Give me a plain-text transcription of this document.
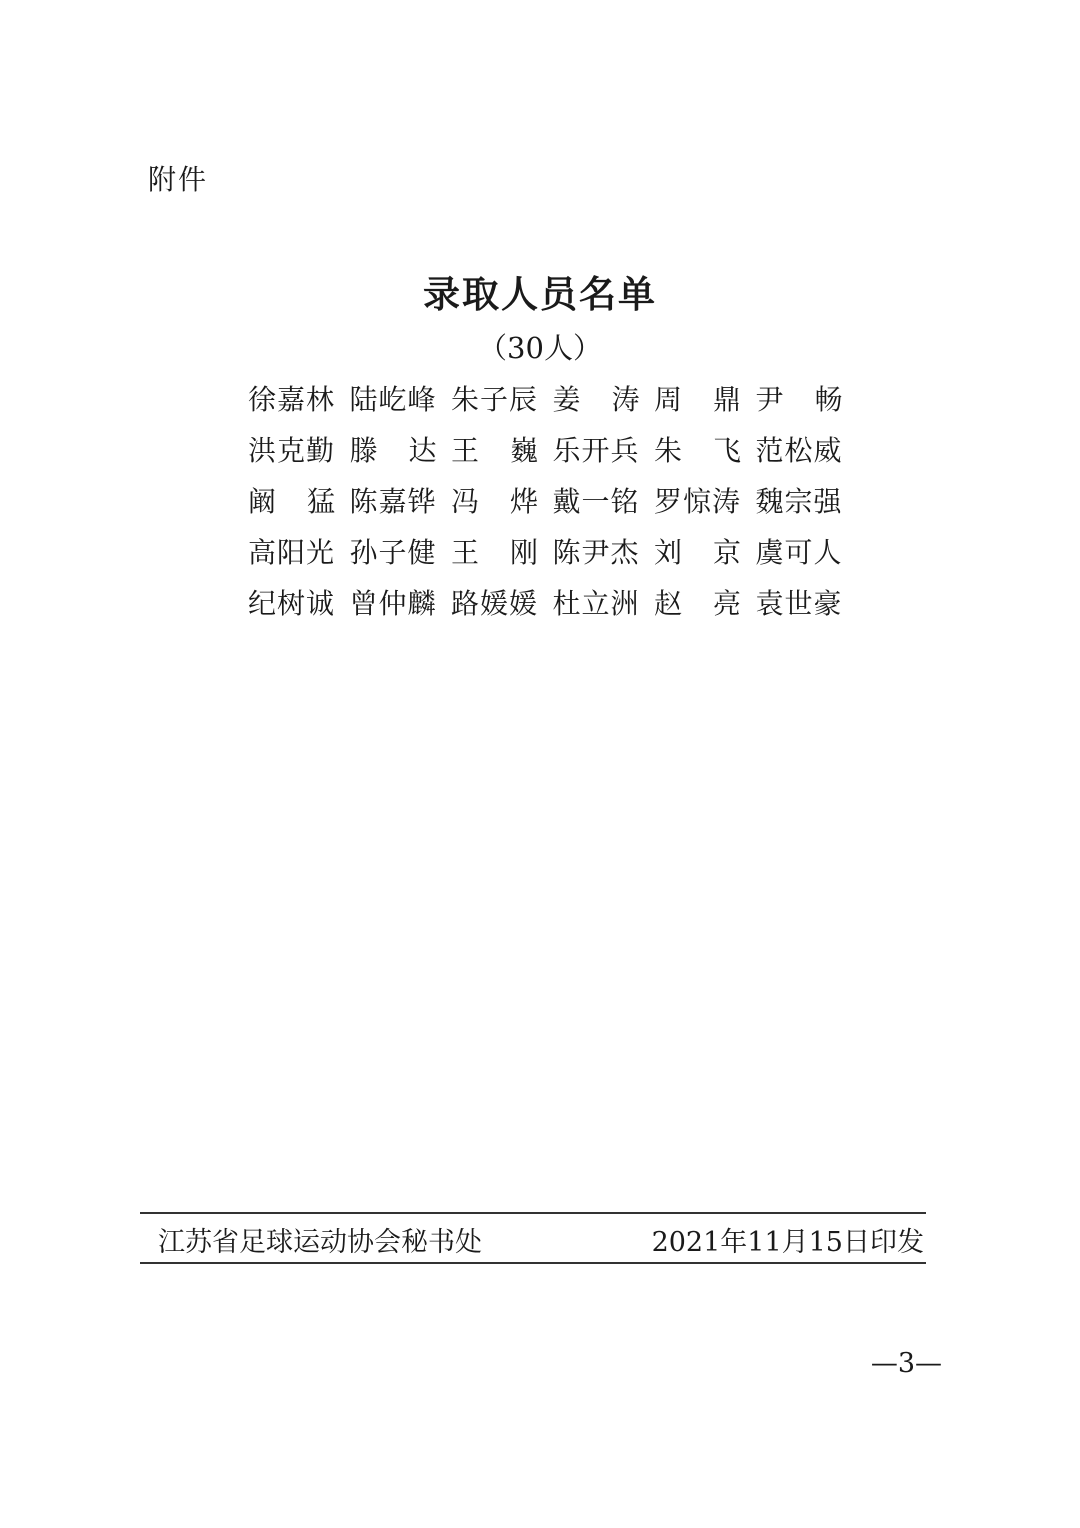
附件
录取人员名单
（30人）
徐嘉林 陆屹峰 朱子辰 姜 涛 周 鼎 尹 畅
洪克勤 滕 达 王 巍 乐开兵 朱 飞 范松威
阚 猛 陈嘉铧 冯 烨 戴一铭 罗惊涛 魏宗强
高阳光 孙子健 王 刚 陈尹杰 刘 京 虞可人
纪树诚 曾仲麟 路媛媛 杜立洲 赵 亮 袁世豪
江苏省足球运动协会秘书处	2021年11月15日印发
—3—
